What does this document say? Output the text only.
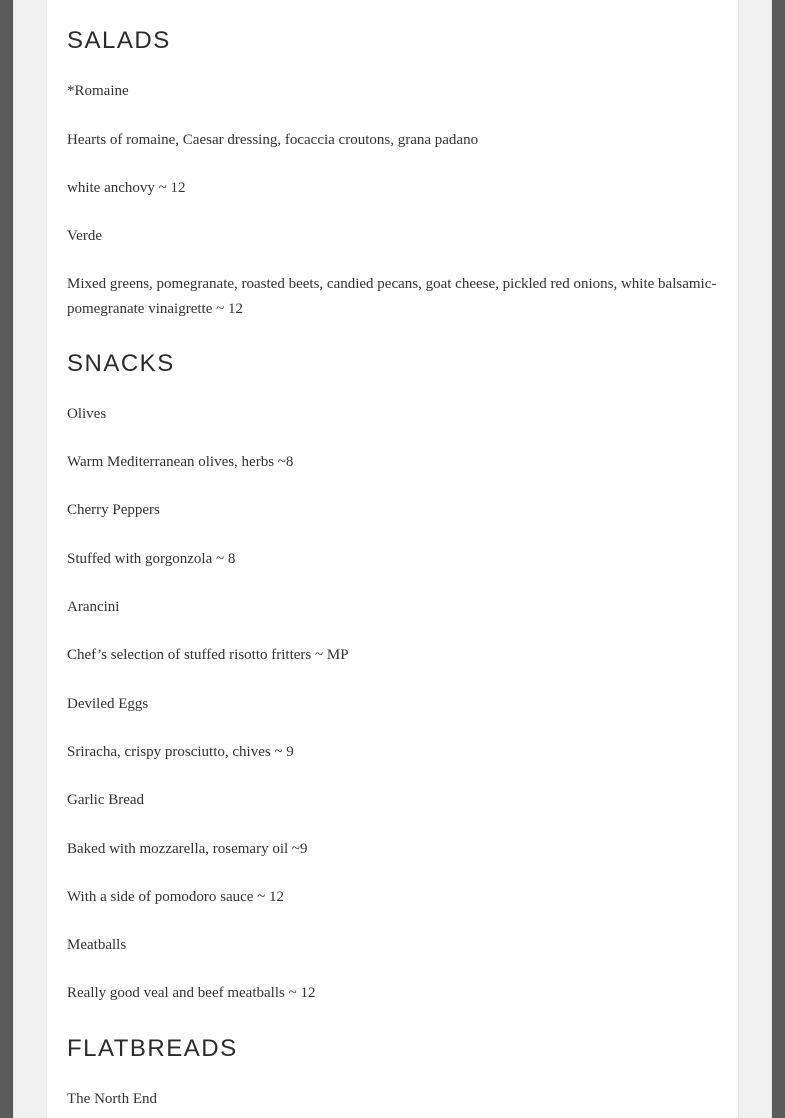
SALADS

*Romaine

Hearts of romaine, Caesar dressing, focaccia croutons, grana padano

white anchovy ~ 12

Verde

Mixed greens, pomegranate, roasted beets, candied pecans, goat cheese, pickled red onions, white balsamic-pomegranate vinaigrette ~ 12

SNACKS

Olives

Warm Mediterranean olives, herbs ~8

Cherry Peppers

Stuffed with gorgonzola ~ 8

Arancini

Chef’s selection of stuffed risotto fritters ~ MP

Deviled Eggs

Sriracha, crispy prosciutto, chives ~ 9

Garlic Bread

Baked with mozzarella, rosemary oil ~9

With a side of pomodoro sauce ~ 12

Meatballs

Really good veal and beef meatballs ~ 12

FLATBREADS

The North End
